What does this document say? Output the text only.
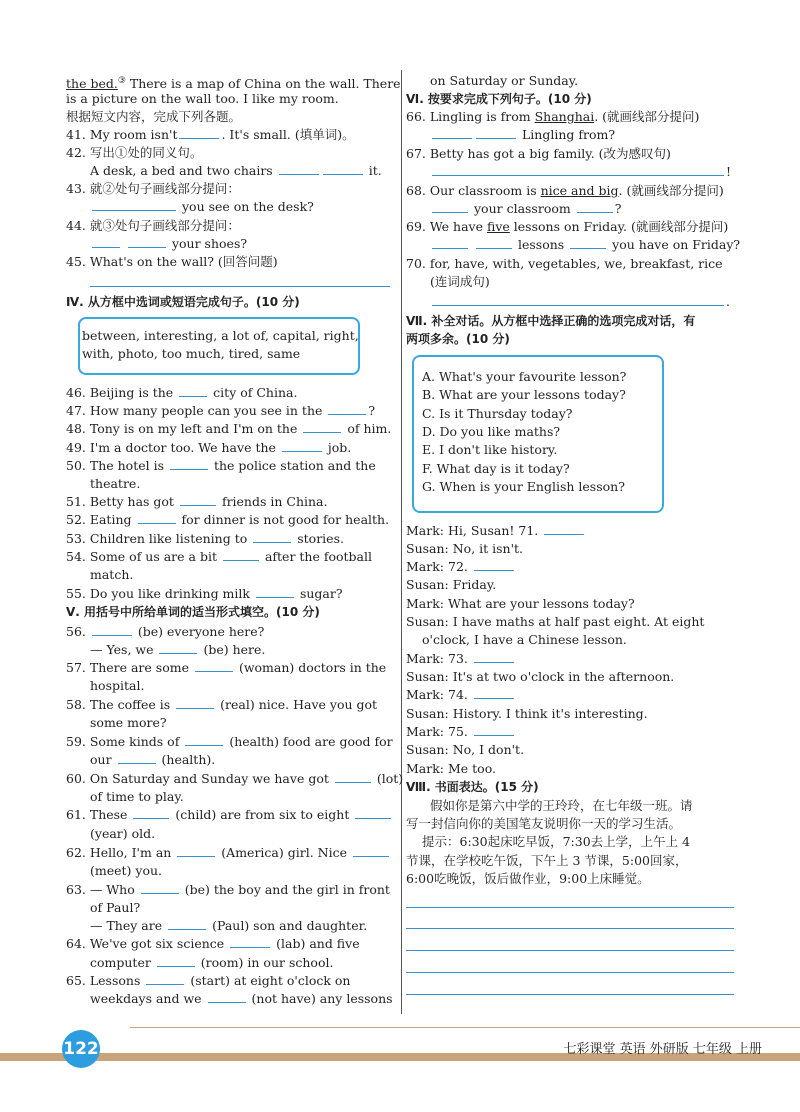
the bed.③ There is a map of China on the wall. There
is a picture on the wall too. I like my room.
根据短文内容，完成下列各题。
41. My room isn't	. It's small. (填单词)。
42. 写出①处的同义句。
A desk, a bed and two chairs	it.
43. 就②处句子画线部分提问：
you see on the desk?
44. 就③处句子画线部分提问：
your shoes?
45. What's on the wall? (回答问题)
Ⅳ. 从方框中选词或短语完成句子。(10 分)
between, interesting, a lot of, capital, right,
with, photo, too much, tired, same
46. Beijing is the	city of China.
47. How many people can you see in the	?
48. Tony is on my left and I'm on the	of him.
49. I'm a doctor too. We have the	job.
50. The hotel is	the police station and the
theatre.
51. Betty has got	friends in China.
52. Eating	for dinner is not good for health.
53. Children like listening to	stories.
54. Some of us are a bit	after the football
match.
55. Do you like drinking milk	sugar?
Ⅴ. 用括号中所给单词的适当形式填空。(10 分)
56.	(be) everyone here?
— Yes, we	(be) here.
57. There are some	(woman) doctors in the
hospital.
58. The coffee is	(real) nice. Have you got
some more?
59. Some kinds of	(health) food are good for
our	(health).
60. On Saturday and Sunday we have got	(lot)
of time to play.
61. These	(child) are from six to eight
(year) old.
62. Hello, I'm an	(America) girl. Nice
(meet) you.
63. — Who	(be) the boy and the girl in front
of Paul?
— They are	(Paul) son and daughter.
64. We've got six science	(lab) and five
computer	(room) in our school.
65. Lessons	(start) at eight o'clock on
weekdays and we	(not have) any lessons
on Saturday or Sunday.
Ⅵ. 按要求完成下列句子。(10 分)
66. Lingling is from Shanghai. (就画线部分提问)
Lingling from?
67. Betty has got a big family. (改为感叹句)
!
68. Our classroom is nice and big. (就画线部分提问)
your classroom	?
69. We have five lessons on Friday. (就画线部分提问)
lessons	you have on Friday?
70. for, have, with, vegetables, we, breakfast, rice
(连词成句)
.
Ⅶ. 补全对话。从方框中选择正确的选项完成对话，有
两项多余。(10 分)
A. What's your favourite lesson?
B. What are your lessons today?
C. Is it Thursday today?
D. Do you like maths?
E. I don't like history.
F. What day is it today?
G. When is your English lesson?
Mark: Hi, Susan! 71.
Susan: No, it isn't.
Mark: 72.
Susan: Friday.
Mark: What are your lessons today?
Susan: I have maths at half past eight. At eight
o'clock, I have a Chinese lesson.
Mark: 73.
Susan: It's at two o'clock in the afternoon.
Mark: 74.
Susan: History. I think it's interesting.
Mark: 75.
Susan: No, I don't.
Mark: Me too.
Ⅷ. 书面表达。(15 分)
假如你是第六中学的王玲玲，在七年级一班。请
写一封信向你的美国笔友说明你一天的学习生活。
提示：6:30起床吃早饭，7:30去上学，上午上 4
节课，在学校吃午饭，下午上 3 节课，5:00回家，
6:00吃晚饭，饭后做作业，9:00上床睡觉。
122	七彩课堂 英语 外研版 七年级 上册
